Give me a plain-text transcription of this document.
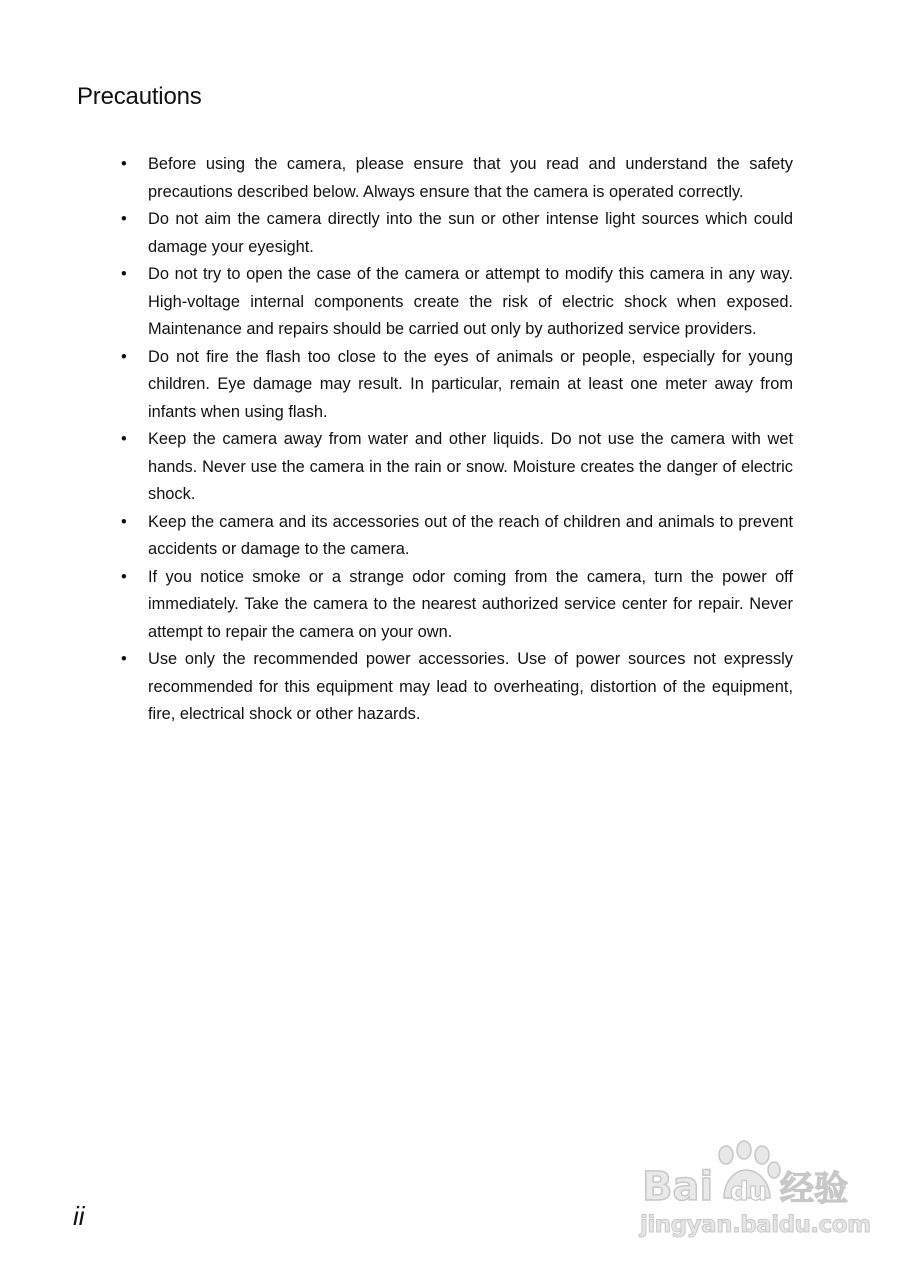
Precautions
• Before using the camera, please ensure that you read and understand the safety precautions described below. Always ensure that the camera is operated correctly.
• Do not aim the camera directly into the sun or other intense light sources which could damage your eyesight.
• Do not try to open the case of the camera or attempt to modify this camera in any way. High-voltage internal components create the risk of electric shock when exposed. Maintenance and repairs should be carried out only by authorized service providers.
• Do not fire the flash too close to the eyes of animals or people, especially for young children. Eye damage may result. In particular, remain at least one meter away from infants when using flash.
• Keep the camera away from water and other liquids. Do not use the camera with wet hands. Never use the camera in the rain or snow. Moisture creates the danger of electric shock.
• Keep the camera and its accessories out of the reach of children and animals to prevent accidents or damage to the camera.
• If you notice smoke or a strange odor coming from the camera, turn the power off immediately. Take the camera to the nearest authorized service center for repair. Never attempt to repair the camera on your own.
• Use only the recommended power accessories. Use of power sources not expressly recommended for this equipment may lead to overheating, distortion of the equipment, fire, electrical shock or other hazards.
ii
Bai du 经验
jingyan.baidu.com
